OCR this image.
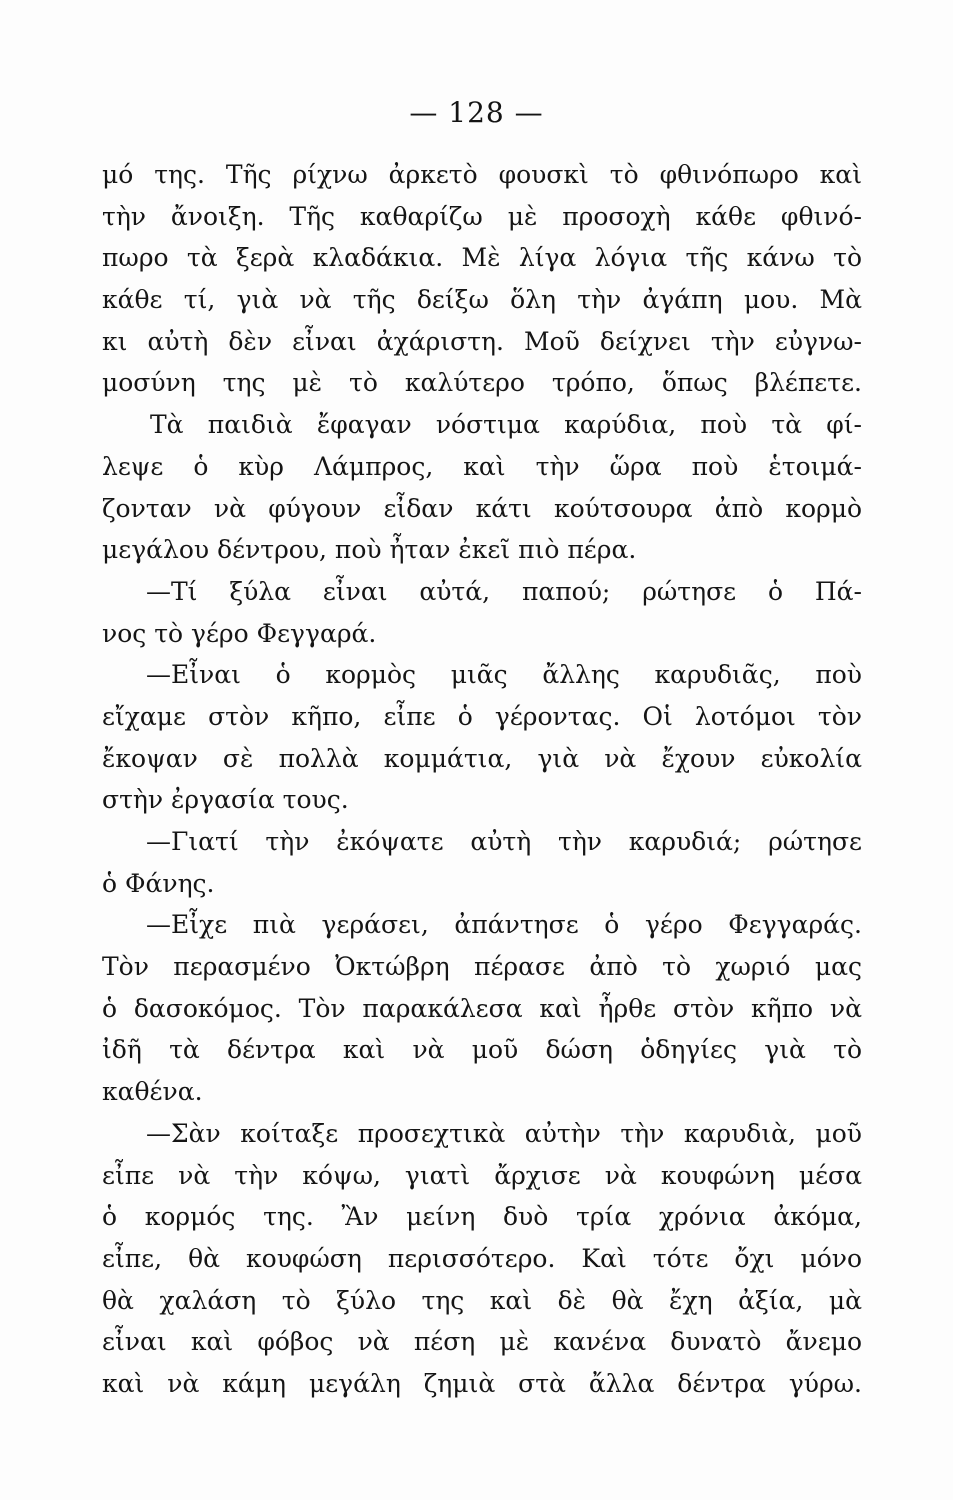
— 128 —
μό της. Τῆς ρίχνω ἀρκετὸ φουσκὶ τὸ φθινόπωρο καὶ
τὴν ἄνοιξη. Τῆς καθαρίζω μὲ προσοχὴ κάθε φθινό-
πωρο τὰ ξερὰ κλαδάκια. Μὲ λίγα λόγια τῆς κάνω τὸ
κάθε τί, γιὰ νὰ τῆς δείξω ὅλη τὴν ἀγάπη μου. Μὰ
κι αὐτὴ δὲν εἶναι ἀχάριστη. Μοῦ δείχνει τὴν εὐγνω-
μοσύνη της μὲ τὸ καλύτερο τρόπο, ὅπως βλέπετε.
Τὰ παιδιὰ ἔφαγαν νόστιμα καρύδια, ποὺ τὰ φί-
λεψε ὁ κὺρ Λάμπρος, καὶ τὴν ὥρα ποὺ ἑτοιμά-
ζονταν νὰ φύγουν εἶδαν κάτι κούτσουρα ἀπὸ κορμὸ
μεγάλου δέντρου, ποὺ ἦταν ἐκεῖ πιὸ πέρα.
—Τί ξύλα εἶναι αὐτά, παπού; ρώτησε ὁ Πά-
νος τὸ γέρο Φεγγαρά.
—Εἶναι ὁ κορμὸς μιᾶς ἄλλης καρυδιᾶς, ποὺ
εἴχαμε στὸν κῆπο, εἶπε ὁ γέροντας. Οἱ λοτόμοι τὸν
ἔκοψαν σὲ πολλὰ κομμάτια, γιὰ νὰ ἔχουν εὐκολία
στὴν ἐργασία τους.
—Γιατί τὴν ἐκόψατε αὐτὴ τὴν καρυδιά; ρώτησε
ὁ Φάνης.
—Εἶχε πιὰ γεράσει, ἀπάντησε ὁ γέρο Φεγγαράς.
Τὸν περασμένο Ὀκτώβρη πέρασε ἀπὸ τὸ χωριό μας
ὁ δασοκόμος. Τὸν παρακάλεσα καὶ ἦρθε στὸν κῆπο νὰ
ἰδῆ τὰ δέντρα καὶ νὰ μοῦ δώση ὁδηγίες γιὰ τὸ
καθένα.
—Σὰν κοίταξε προσεχτικὰ αὐτὴν τὴν καρυδιὰ, μοῦ
εἶπε νὰ τὴν κόψω, γιατὶ ἄρχισε νὰ κουφώνη μέσα
ὁ κορμός της. Ἂν μείνη δυὸ τρία χρόνια ἀκόμα,
εἶπε, θὰ κουφώση περισσότερο. Καὶ τότε ὄχι μόνο
θὰ χαλάση τὸ ξύλο της καὶ δὲ θὰ ἔχη ἀξία, μὰ
εἶναι καὶ φόβος νὰ πέση μὲ κανένα δυνατὸ ἄνεμο
καὶ νὰ κάμη μεγάλη ζημιὰ στὰ ἄλλα δέντρα γύρω.
